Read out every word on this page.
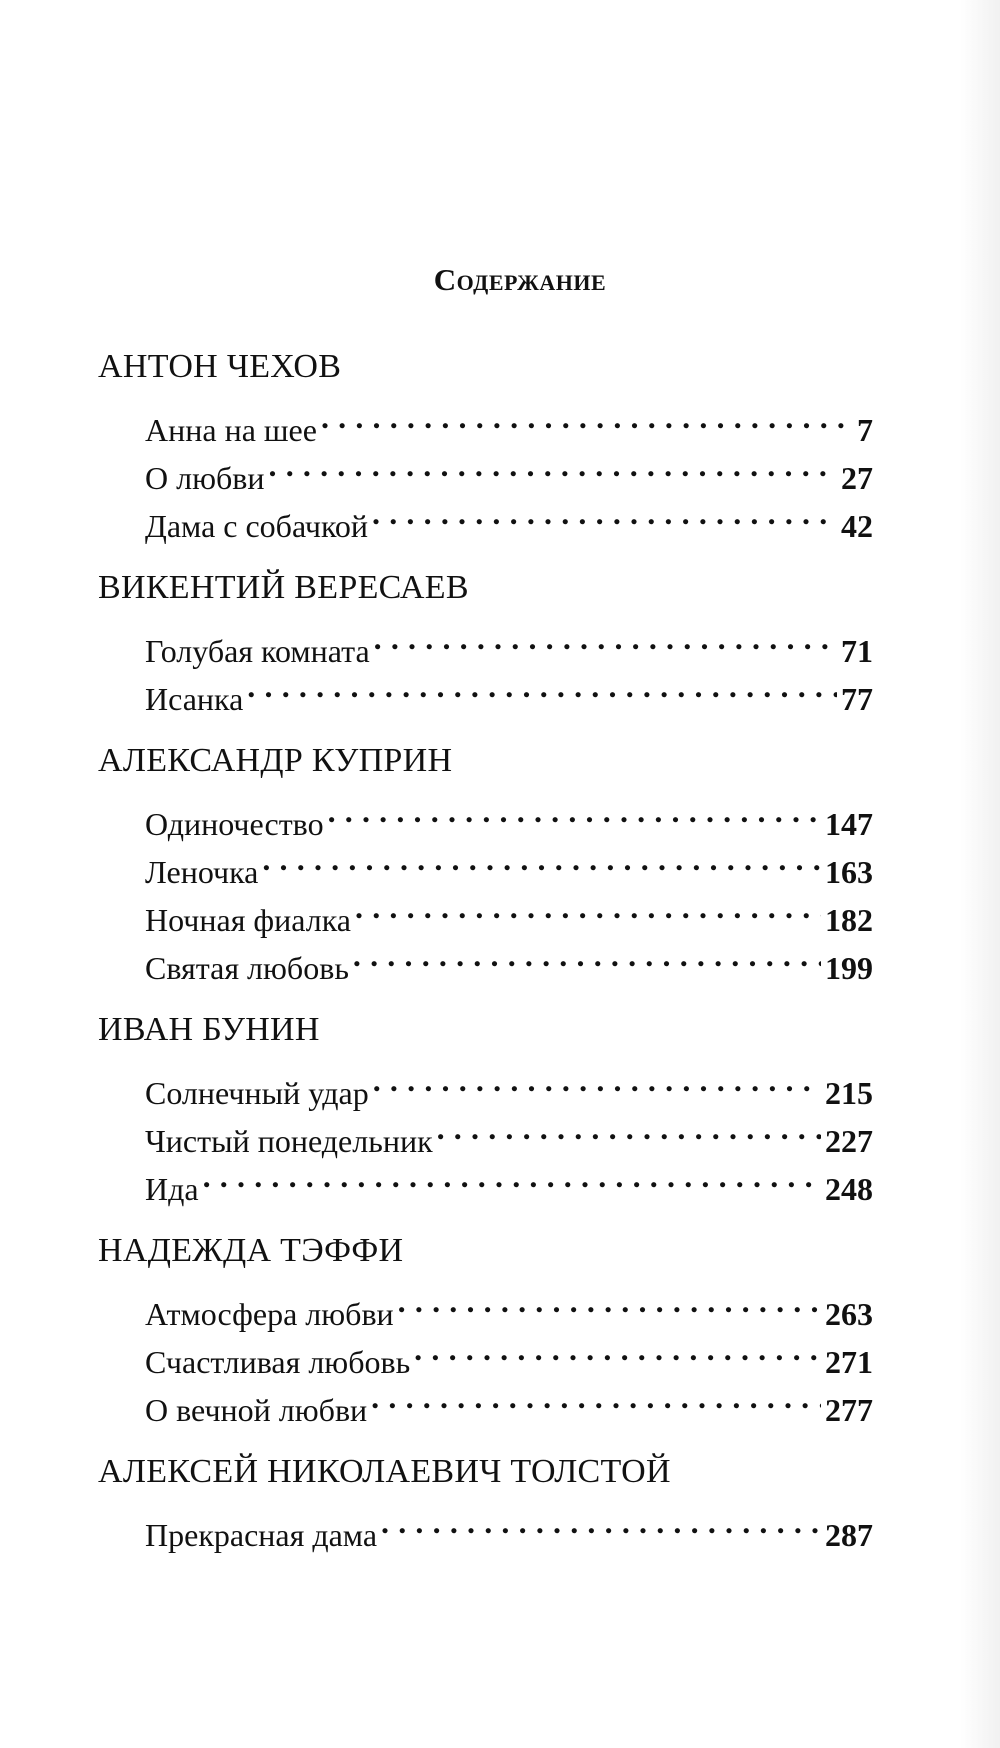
Содержание
АНТОН ЧЕХОВ
Анна на шее . . .	7
О любви . . .	27
Дама с собачкой . . .	42
ВИКЕНТИЙ ВЕРЕСАЕВ
Голубая комната . . .	71
Исанка . . .	77
АЛЕКСАНДР КУПРИН
Одиночество . . .	147
Леночка . . .	163
Ночная фиалка . . .	182
Святая любовь . . .	199
ИВАН БУНИН
Солнечный удар . . .	215
Чистый понедельник . . .	227
Ида . . .	248
НАДЕЖДА ТЭФФИ
Атмосфера любви . . .	263
Счастливая любовь . . .	271
О вечной любви . . .	277
АЛЕКСЕЙ НИКОЛАЕВИЧ ТОЛСТОЙ
Прекрасная дама . . .	287
